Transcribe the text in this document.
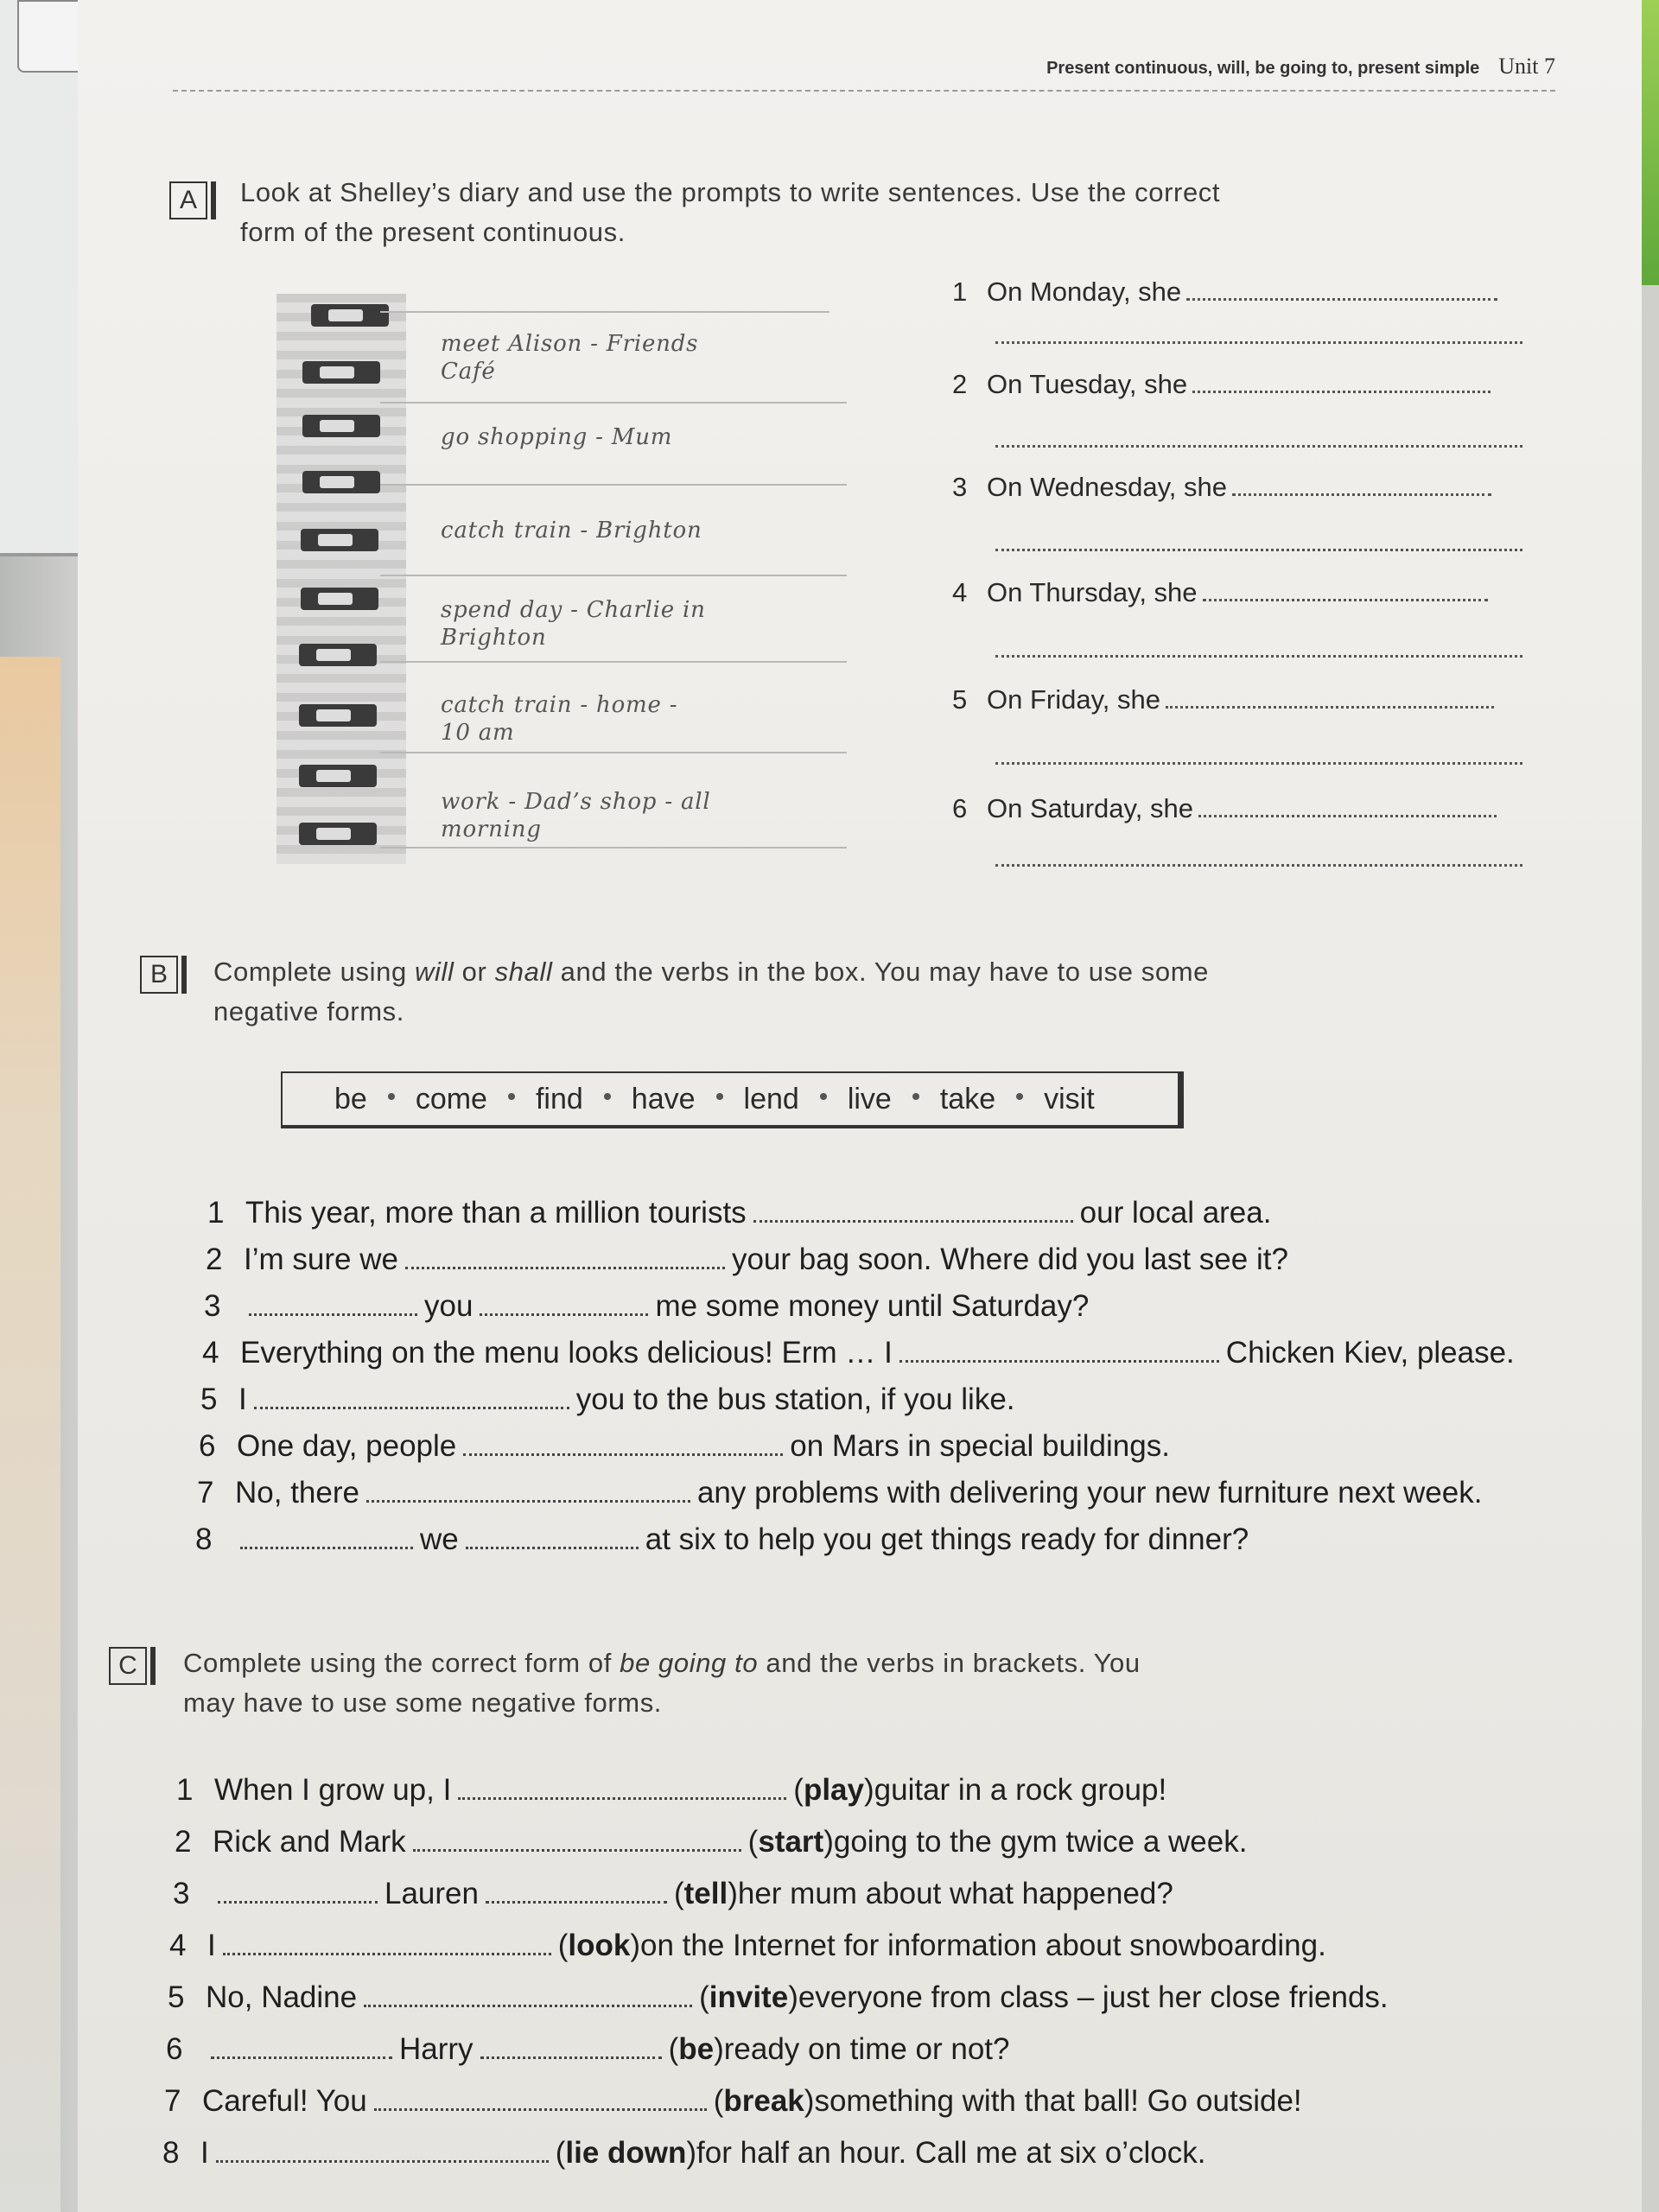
Present continuous, will, be going to, present simple Unit 7
A	Look at Shelley’s diary and use the prompts to write sentences. Use the correct
form of the present continuous.
meet Alison - Friends
Café
go shopping - Mum
catch train - Brighton
spend day - Charlie in
Brighton
catch train - home -
10 am
work - Dad’s shop - all
morning
1 On Monday, she
2 On Tuesday, she
3 On Wednesday, she
4 On Thursday, she
5 On Friday, she
6 On Saturday, she
B	Complete using will or shall and the verbs in the box. You may have to use some
negative forms.
be come find have lend live take visit
1 This year, more than a million tourists	our local area.
2 I’m sure we	your bag soon. Where did you last see it?
3	you	me some money until Saturday?
4 Everything on the menu looks delicious! Erm … I	Chicken Kiev, please.
5 I	you to the bus station, if you like.
6 One day, people	on Mars in special buildings.
7 No, there	any problems with delivering your new furniture next week.
8	we	at six to help you get things ready for dinner?
C	Complete using the correct form of be going to and the verbs in brackets. You
may have to use some negative forms.
1 When I grow up, I	(play) guitar in a rock group!
2 Rick and Mark	(start) going to the gym twice a week.
3	Lauren	(tell) her mum about what happened?
4 I	(look) on the Internet for information about snowboarding.
5 No, Nadine	(invite) everyone from class – just her close friends.
6	Harry	(be) ready on time or not?
7 Careful! You	(break) something with that ball! Go outside!
8 I	(lie down) for half an hour. Call me at six o’clock.
